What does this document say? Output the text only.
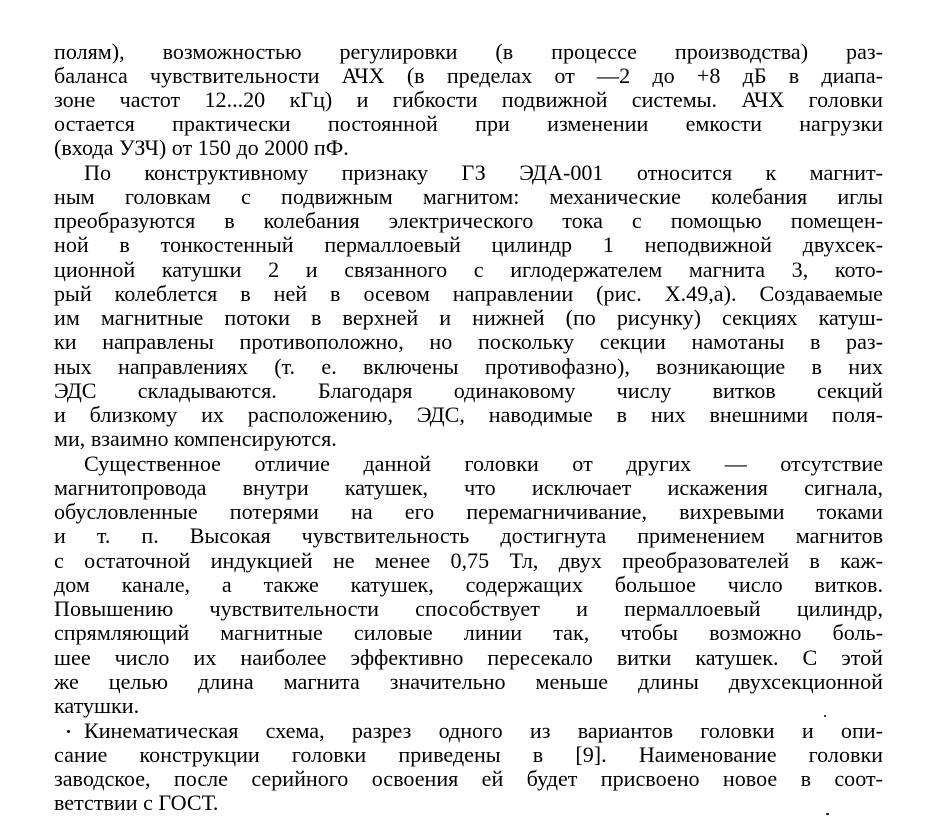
полям), возможностью регулировки (в процессе производства) раз-
баланса чувствительности АЧХ (в пределах от —2 до +8 дБ в диапа-
зоне частот 12...20 кГц) и гибкости подвижной системы. АЧХ головки
остается практически постоянной при изменении емкости нагрузки
(входа УЗЧ) от 150 до 2000 пФ.
По конструктивному признаку ГЗ ЭДА-001 относится к магнит-
ным головкам с подвижным магнитом: механические колебания иглы
преобразуются в колебания электрического тока с помощью помещен-
ной в тонкостенный пермаллоевый цилиндр 1 неподвижной двухсек-
ционной катушки 2 и связанного с иглодержателем магнита 3, кото-
рый колеблется в ней в осевом направлении (рис. X.49,а). Создаваемые
им магнитные потоки в верхней и нижней (по рисунку) секциях катуш-
ки направлены противоположно, но поскольку секции намотаны в раз-
ных направлениях (т. е. включены противофазно), возникающие в них
ЭДС складываются. Благодаря одинаковому числу витков секций
и близкому их расположению, ЭДС, наводимые в них внешними поля-
ми, взаимно компенсируются.
Существенное отличие данной головки от других — отсутствие
магнитопровода внутри катушек, что исключает искажения сигнала,
обусловленные потерями на его перемагничивание, вихревыми токами
и т. п. Высокая чувствительность достигнута применением магнитов
с остаточной индукцией не менее 0,75 Тл, двух преобразователей в каж-
дом канале, а также катушек, содержащих большое число витков.
Повышению чувствительности способствует и пермаллоевый цилиндр,
спрямляющий магнитные силовые линии так, чтобы возможно боль-
шее число их наиболее эффективно пересекало витки катушек. С этой
же целью длина магнита значительно меньше длины двухсекционной
катушки.
Кинематическая схема, разрез одного из вариантов головки и опи-
сание конструкции головки приведены в [9]. Наименование головки
заводское, после серийного освоения ей будет присвоено новое в соот-
ветствии с ГОСТ.
